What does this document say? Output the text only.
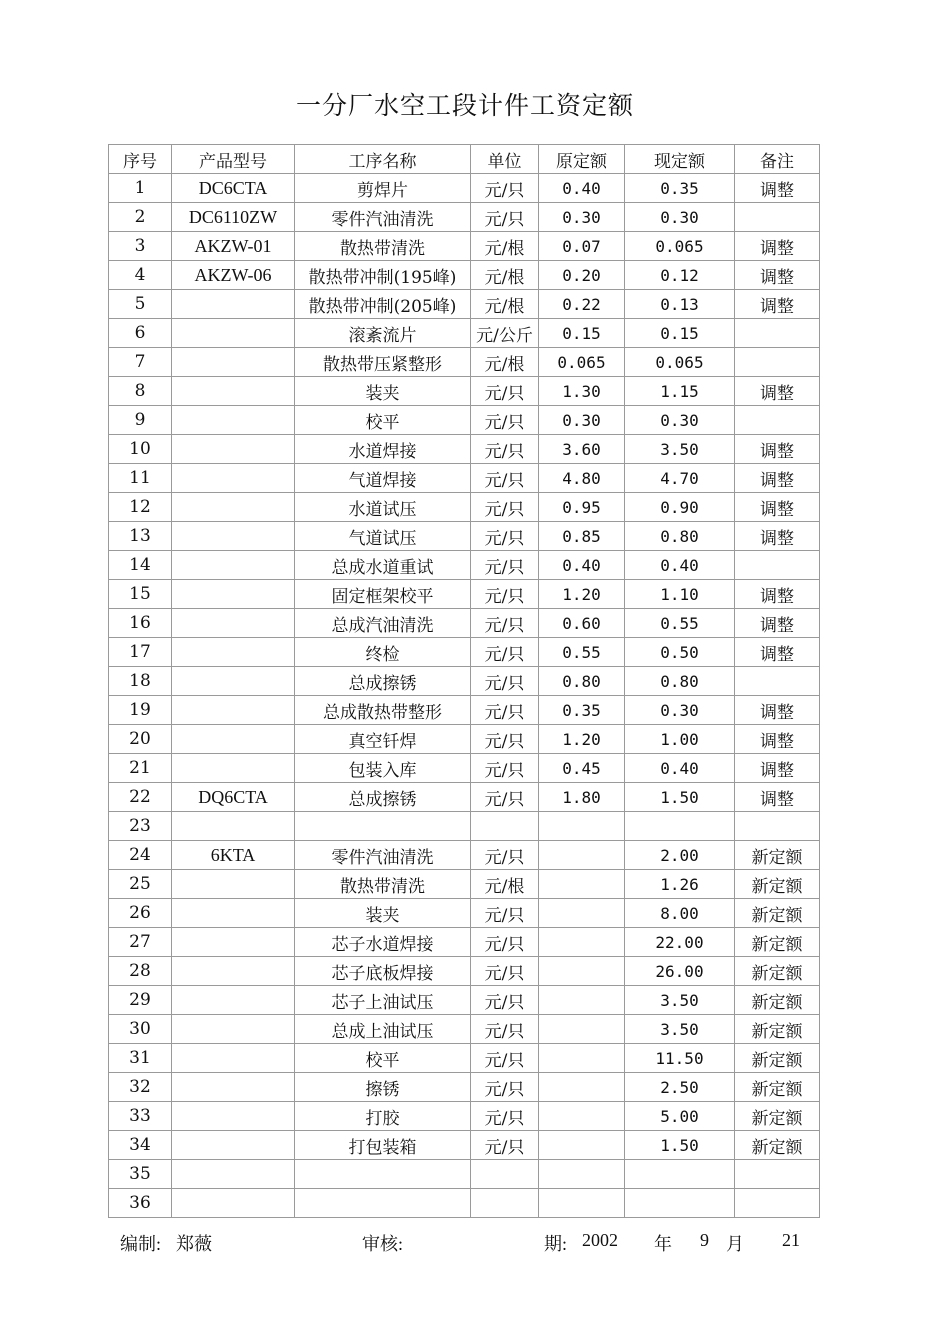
一分厂水空工段计件工资定额
序号	产品型号	工序名称	单位	原定额	现定额	备注
1	DC6CTA	剪焊片	元/只	0.40	0.35	调整
2	DC6110ZW	零件汽油清洗	元/只	0.30	0.30	
3	AKZW-01	散热带清洗	元/根	0.07	0.065	调整
4	AKZW-06	散热带冲制(195峰)	元/根	0.20	0.12	调整
5		散热带冲制(205峰)	元/根	0.22	0.13	调整
6		滚紊流片	元/公斤	0.15	0.15	
7		散热带压紧整形	元/根	0.065	0.065	
8		装夹	元/只	1.30	1.15	调整
9		校平	元/只	0.30	0.30	
10		水道焊接	元/只	3.60	3.50	调整
11		气道焊接	元/只	4.80	4.70	调整
12		水道试压	元/只	0.95	0.90	调整
13		气道试压	元/只	0.85	0.80	调整
14		总成水道重试	元/只	0.40	0.40	
15		固定框架校平	元/只	1.20	1.10	调整
16		总成汽油清洗	元/只	0.60	0.55	调整
17		终检	元/只	0.55	0.50	调整
18		总成擦锈	元/只	0.80	0.80	
19		总成散热带整形	元/只	0.35	0.30	调整
20		真空钎焊	元/只	1.20	1.00	调整
21		包装入库	元/只	0.45	0.40	调整
22	DQ6CTA	总成擦锈	元/只	1.80	1.50	调整
23						
24	6KTA	零件汽油清洗	元/只		2.00	新定额
25		散热带清洗	元/根		1.26	新定额
26		装夹	元/只		8.00	新定额
27		芯子水道焊接	元/只		22.00	新定额
28		芯子底板焊接	元/只		26.00	新定额
29		芯子上油试压	元/只		3.50	新定额
30		总成上油试压	元/只		3.50	新定额
31		校平	元/只		11.50	新定额
32		擦锈	元/只		2.50	新定额
33		打胶	元/只		5.00	新定额
34		打包装箱	元/只		1.50	新定额
35						
36						
编制: 郑薇	审核:	期: 2002 年 9 月 21
